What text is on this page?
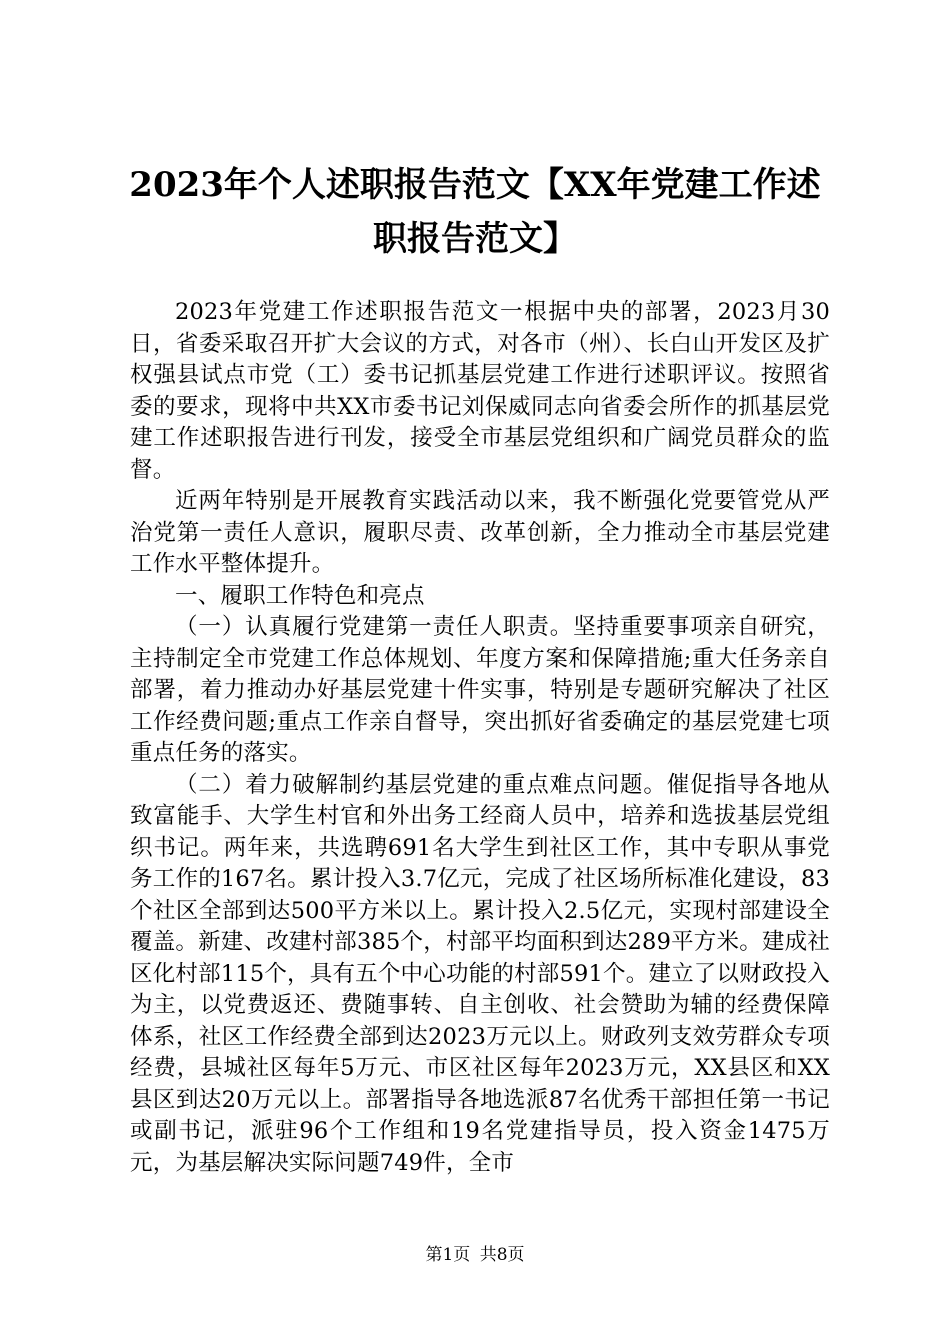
2023年个人述职报告范文【XX年党建工作述
职报告范文】

2023年党建工作述职报告范文一根据中央的部署，2023月30日，省委采取召开扩大会议的方式，对各市（州）、长白山开发区及扩权强县试点市党（工）委书记抓基层党建工作进行述职评议。按照省委的要求，现将中共XX市委书记刘保威同志向省委会所作的抓基层党建工作述职报告进行刊发，接受全市基层党组织和广阔党员群众的监督。

近两年特别是开展教育实践活动以来，我不断强化党要管党从严治党第一责任人意识，履职尽责、改革创新，全力推动全市基层党建工作水平整体提升。

一、履职工作特色和亮点

（一）认真履行党建第一责任人职责。坚持重要事项亲自研究，主持制定全市党建工作总体规划、年度方案和保障措施;重大任务亲自部署，着力推动办好基层党建十件实事，特别是专题研究解决了社区工作经费问题;重点工作亲自督导，突出抓好省委确定的基层党建七项重点任务的落实。

（二）着力破解制约基层党建的重点难点问题。催促指导各地从致富能手、大学生村官和外出务工经商人员中，培养和选拔基层党组织书记。两年来，共选聘691名大学生到社区工作，其中专职从事党务工作的167名。累计投入3.7亿元，完成了社区场所标准化建设，83个社区全部到达500平方米以上。累计投入2.5亿元，实现村部建设全覆盖。新建、改建村部385个，村部平均面积到达289平方米。建成社区化村部115个，具有五个中心功能的村部591个。建立了以财政投入为主，以党费返还、费随事转、自主创收、社会赞助为辅的经费保障体系，社区工作经费全部到达2023万元以上。财政列支效劳群众专项经费，县城社区每年5万元、市区社区每年2023万元，XX县区和XX县区到达20万元以上。部署指导各地选派87名优秀干部担任第一书记或副书记，派驻96个工作组和19名党建指导员，投入资金1475万元，为基层解决实际问题749件，全市

第1页 共8页
